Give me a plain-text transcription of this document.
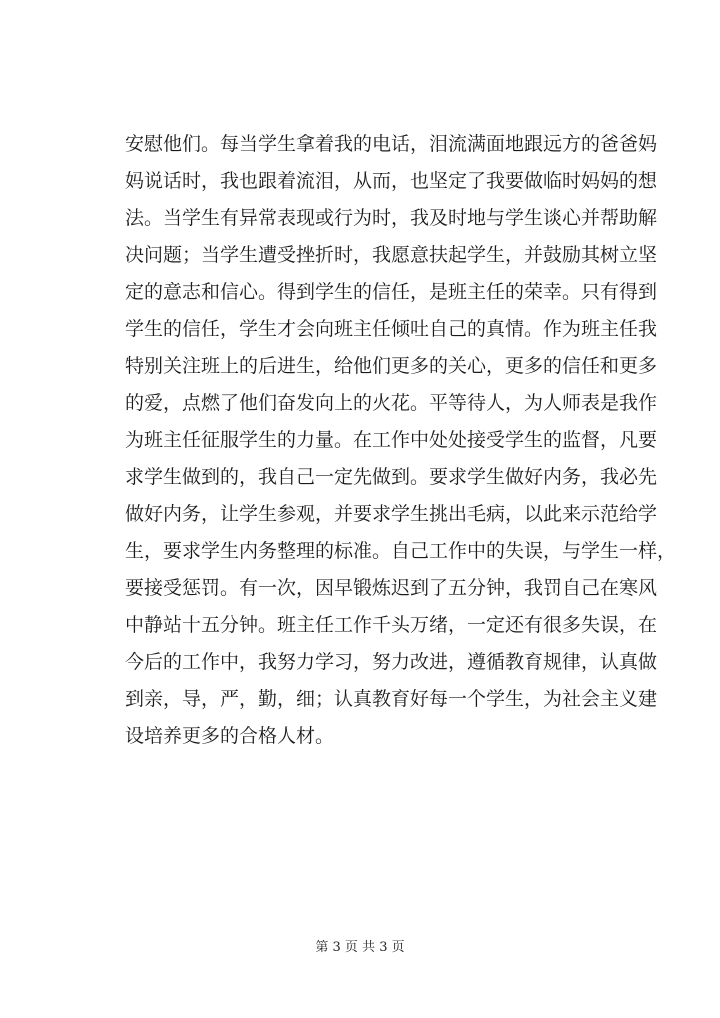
安慰他们。每当学生拿着我的电话，泪流满面地跟远方的爸爸妈
妈说话时，我也跟着流泪，从而，也坚定了我要做临时妈妈的想
法。当学生有异常表现或行为时，我及时地与学生谈心并帮助解
决问题；当学生遭受挫折时，我愿意扶起学生，并鼓励其树立坚
定的意志和信心。得到学生的信任，是班主任的荣幸。只有得到
学生的信任，学生才会向班主任倾吐自己的真情。作为班主任我
特别关注班上的后进生，给他们更多的关心，更多的信任和更多
的爱，点燃了他们奋发向上的火花。平等待人，为人师表是我作
为班主任征服学生的力量。在工作中处处接受学生的监督，凡要
求学生做到的，我自己一定先做到。要求学生做好内务，我必先
做好内务，让学生参观，并要求学生挑出毛病，以此来示范给学
生，要求学生内务整理的标准。自己工作中的失误，与学生一样，
要接受惩罚。有一次，因早锻炼迟到了五分钟，我罚自己在寒风
中静站十五分钟。班主任工作千头万绪，一定还有很多失误，在
今后的工作中，我努力学习，努力改进，遵循教育规律，认真做
到亲，导，严，勤，细；认真教育好每一个学生，为社会主义建
设培养更多的合格人材。
第 3 页 共 3 页
